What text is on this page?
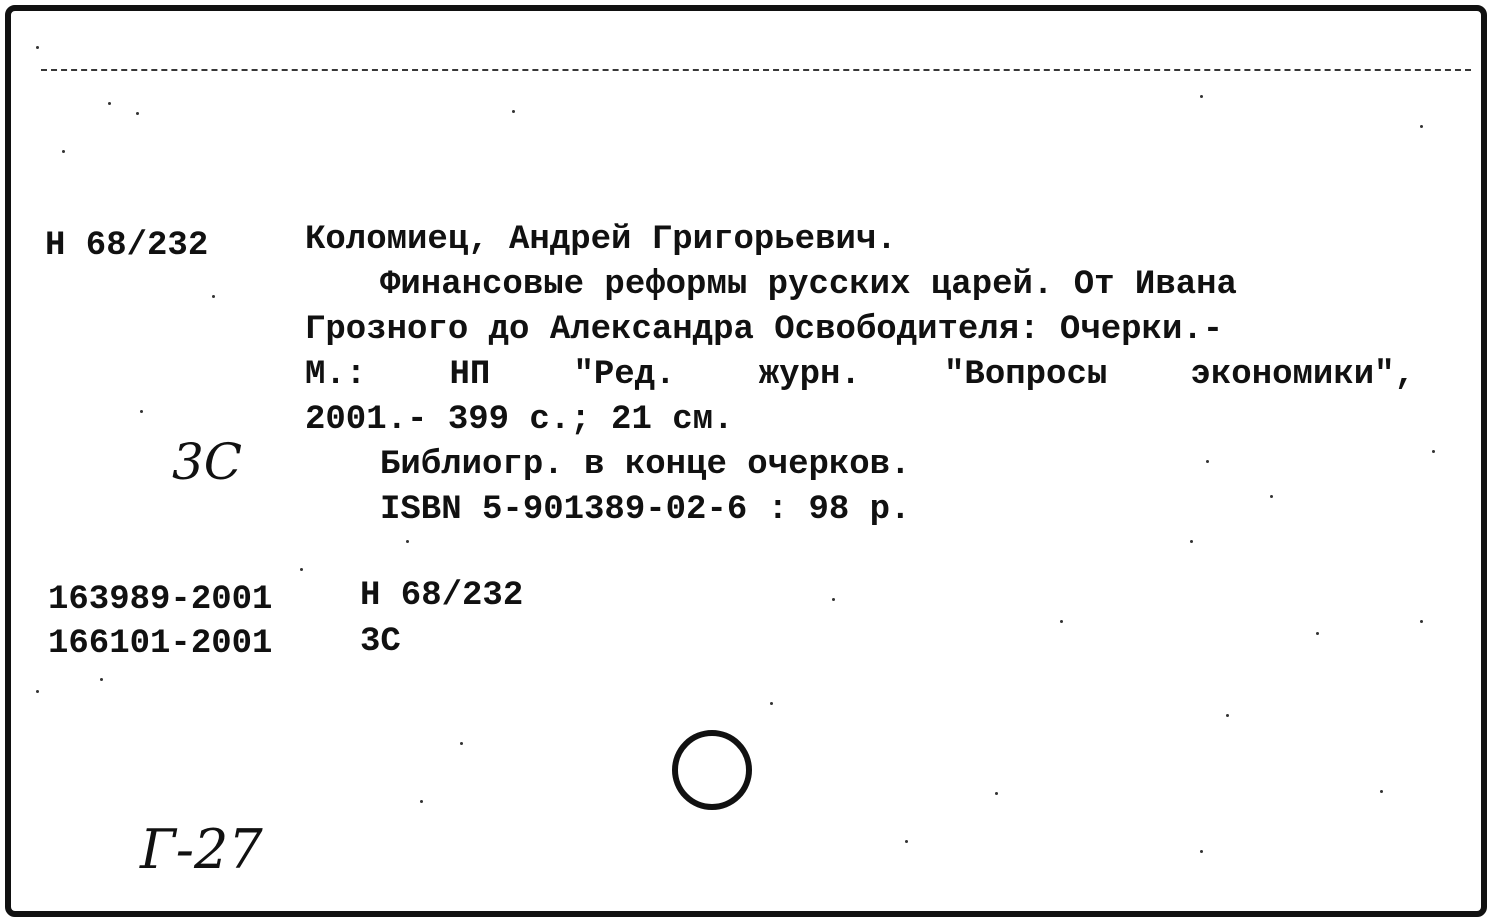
Н 68/232	Коломиец, Андрей Григорьевич.
Финансовые реформы русских царей. От Ивана
Грозного до Александра Освободителя: Очерки.-
М.: НП "Ред. журн. "Вопросы экономики",
2001.- 399 с.; 21 см.
Библиогр. в конце очерков.
ISBN 5-901389-02-6 : 98 р.
3С
163989-2001	Н 68/232
166101-2001	3С
Г-27
